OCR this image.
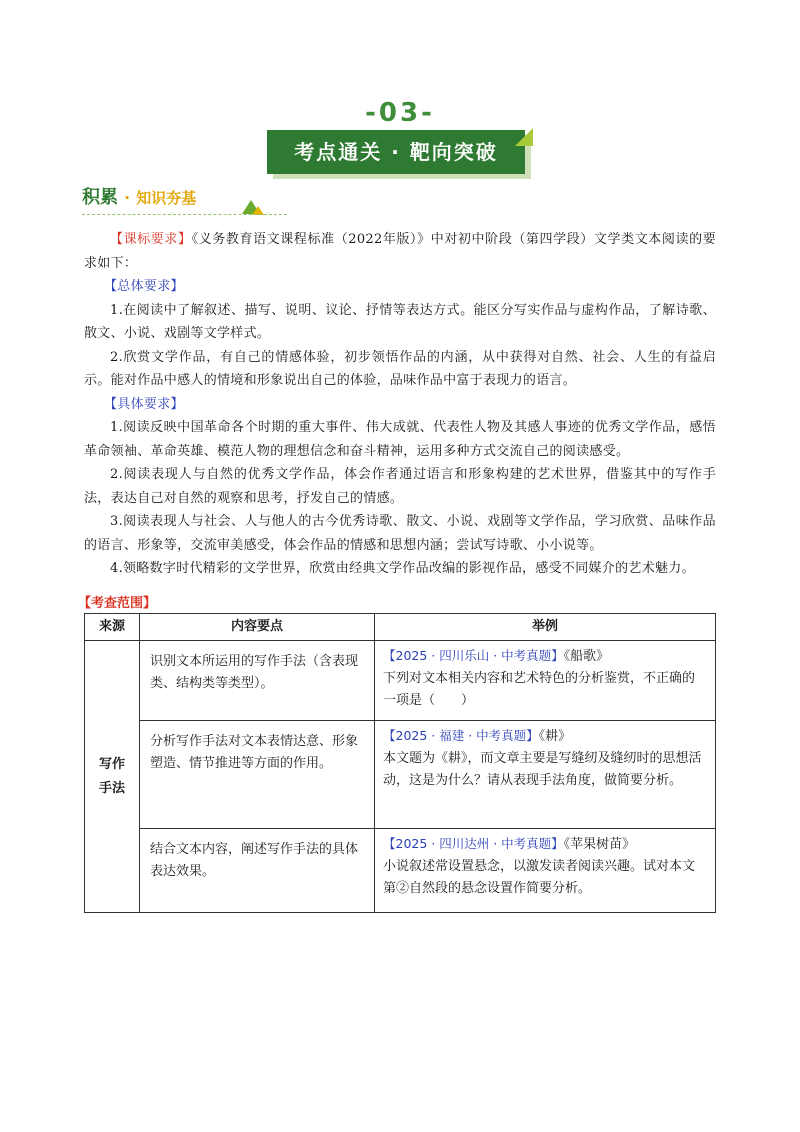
-03-
考点通关 · 靶向突破
积累 · 知识夯基

【课标要求】《义务教育语文课程标准（2022年版）》中对初中阶段（第四学段）文学类文本阅读的要求如下：

【总体要求】

1.在阅读中了解叙述、描写、说明、议论、抒情等表达方式。能区分写实作品与虚构作品，了解诗歌、散文、小说、戏剧等文学样式。

2.欣赏文学作品，有自己的情感体验，初步领悟作品的内涵，从中获得对自然、社会、人生的有益启示。能对作品中感人的情境和形象说出自己的体验，品味作品中富于表现力的语言。

【具体要求】

1.阅读反映中国革命各个时期的重大事件、伟大成就、代表性人物及其感人事迹的优秀文学作品，感悟革命领袖、革命英雄、模范人物的理想信念和奋斗精神，运用多种方式交流自己的阅读感受。

2.阅读表现人与自然的优秀文学作品，体会作者通过语言和形象构建的艺术世界，借鉴其中的写作手法，表达自己对自然的观察和思考，抒发自己的情感。

3.阅读表现人与社会、人与他人的古今优秀诗歌、散文、小说、戏剧等文学作品，学习欣赏、品味作品的语言、形象等，交流审美感受，体会作品的情感和思想内涵；尝试写诗歌、小小说等。

4.领略数字时代精彩的文学世界，欣赏由经典文学作品改编的影视作品，感受不同媒介的艺术魅力。

【考查范围】
来源	内容要点	举例

写作手法	识别文本所运用的写作手法（含表现类、结构类等类型）。	【2025 · 四川乐山 · 中考真题】《船歌》
下列对文本相关内容和艺术特色的分析鉴赏，不正确的一项是（　　）
	分析写作手法对文本表情达意、形象塑造、情节推进等方面的作用。	【2025 · 福建 · 中考真题】《耕》
本文题为《耕》，而文章主要是写缝纫及缝纫时的思想活动，这是为什么？请从表现手法角度，做简要分析。
	结合文本内容，阐述写作手法的具体表达效果。	【2025 · 四川达州 · 中考真题】《苹果树苗》
小说叙述常设置悬念，以激发读者阅读兴趣。试对本文第②自然段的悬念设置作简要分析。
